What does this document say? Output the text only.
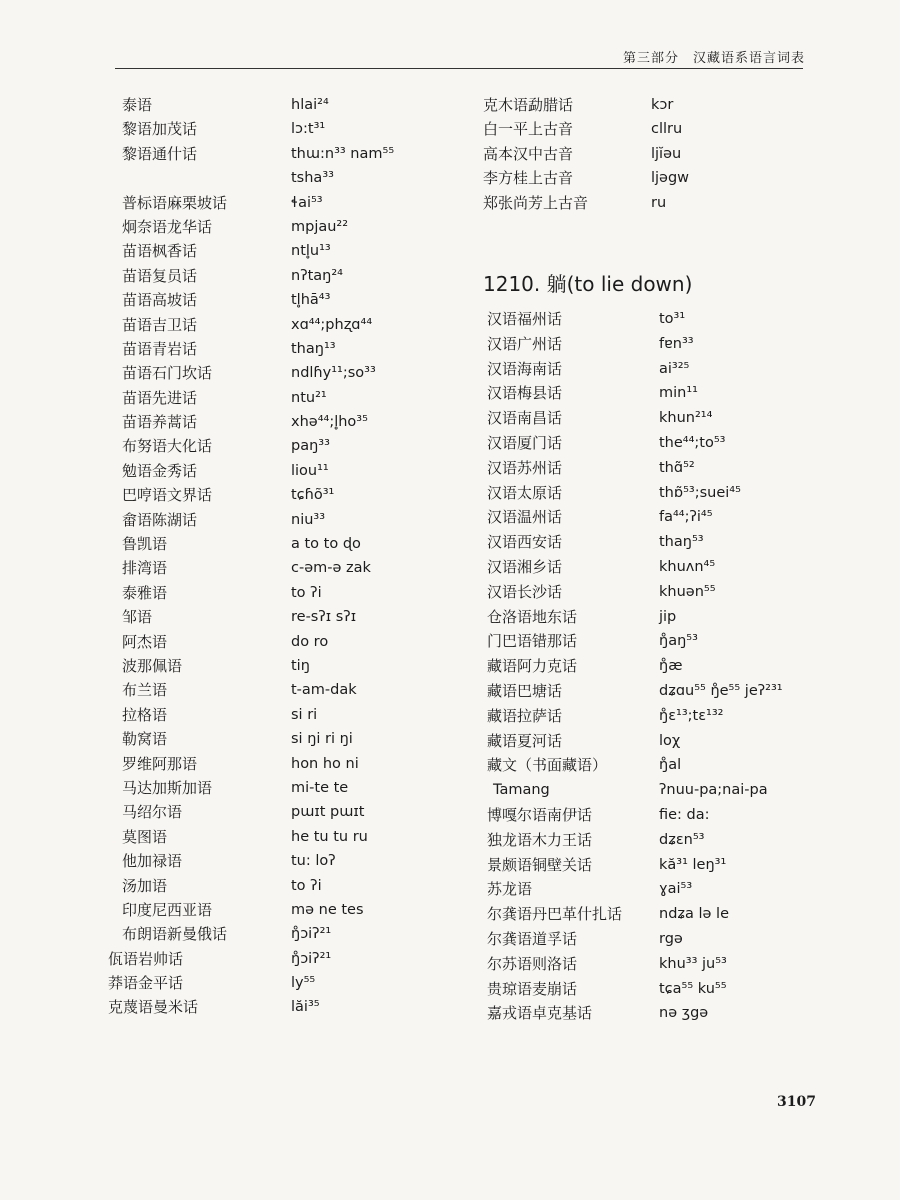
第三部分 汉藏语系语言词表
泰语	hlai²⁴
黎语加茂话	lɔ:t³¹
黎语通什话	thɯ:n³³ nam⁵⁵
tsha³³
普标语麻栗坡话	ɬai⁵³
炯奈语龙华话	mpjau²²
苗语枫香话	ntl̥u¹³
苗语复员话	nʔtaŋ²⁴
苗语高坡话	tl̥hā⁴³
苗语吉卫话	xɑ⁴⁴;phʐɑ⁴⁴
苗语青岩话	thaŋ¹³
苗语石门坎话	ndlɦy¹¹;so³³
苗语先进话	ntu²¹
苗语养蒿话	xhə⁴⁴;l̥ho³⁵
布努语大化话	paŋ³³
勉语金秀话	liou¹¹
巴哼语文界话	tɕɦõ³¹
畲语陈湖话	niu³³
鲁凯语	a to to ɖo
排湾语	c-əm-ə zak
泰雅语	to ʔi
邹语	re-sʔɪ sʔɪ
阿杰语	do ro
波那佩语	tiŋ
布兰语	t-am-dak
拉格语	si ri
勒窝语	si ŋi ri ŋi
罗维阿那语	hon ho ni
马达加斯加语	mi-te te
马绍尔语	pɯɪt pɯɪt
莫图语	he tu tu ru
他加禄语	tu: loʔ
汤加语	to ʔi
印度尼西亚语	mə ne tes
布朗语新曼俄话	ŋ̊ɔiʔ²¹
佤语岩帅话	ŋ̊ɔiʔ²¹
莽语金平话	ly⁵⁵
克蔑语曼米话	lăi³⁵
克木语勐腊话	kɔr
白一平上古音	cllru
高本汉中古音	ljĭəu
李方桂上古音	ljəgw
郑张尚芳上古音	ru
1210. 躺(to lie down)
汉语福州话	to³¹
汉语广州话	fɐn³³
汉语海南话	ai³²⁵
汉语梅县话	min¹¹
汉语南昌话	khun²¹⁴
汉语厦门话	the⁴⁴;to⁵³
汉语苏州话	thɑ̃⁵²
汉语太原话	thɒ̃⁵³;suei⁴⁵
汉语温州话	fa⁴⁴;ʔi⁴⁵
汉语西安话	thaŋ⁵³
汉语湘乡话	khuʌn⁴⁵
汉语长沙话	khuən⁵⁵
仓洛语地东话	jip
门巴语错那话	ŋ̊aŋ⁵³
藏语阿力克话	ŋ̊æ
藏语巴塘话	dʑɑu⁵⁵ ŋ̊e⁵⁵ jeʔ²³¹
藏语拉萨话	ŋ̊ɛ¹³;tɛ¹³²
藏语夏河话	loχ
藏文（书面藏语）	ŋ̊al
Tamang	ʔnuu-pa;nai-pa
博嘎尔语南伊话	fie: da:
独龙语木力王话	dʑɛn⁵³
景颇语铜壁关话	kă³¹ leŋ³¹
苏龙语	ɣai⁵³
尔龚语丹巴革什扎话	ndʑa lə le
尔龚语道孚话	rgə
尔苏语则洛话	khu³³ ju⁵³
贵琼语麦崩话	tɕa⁵⁵ ku⁵⁵
嘉戎语卓克基话	nə ʒgə
3107
